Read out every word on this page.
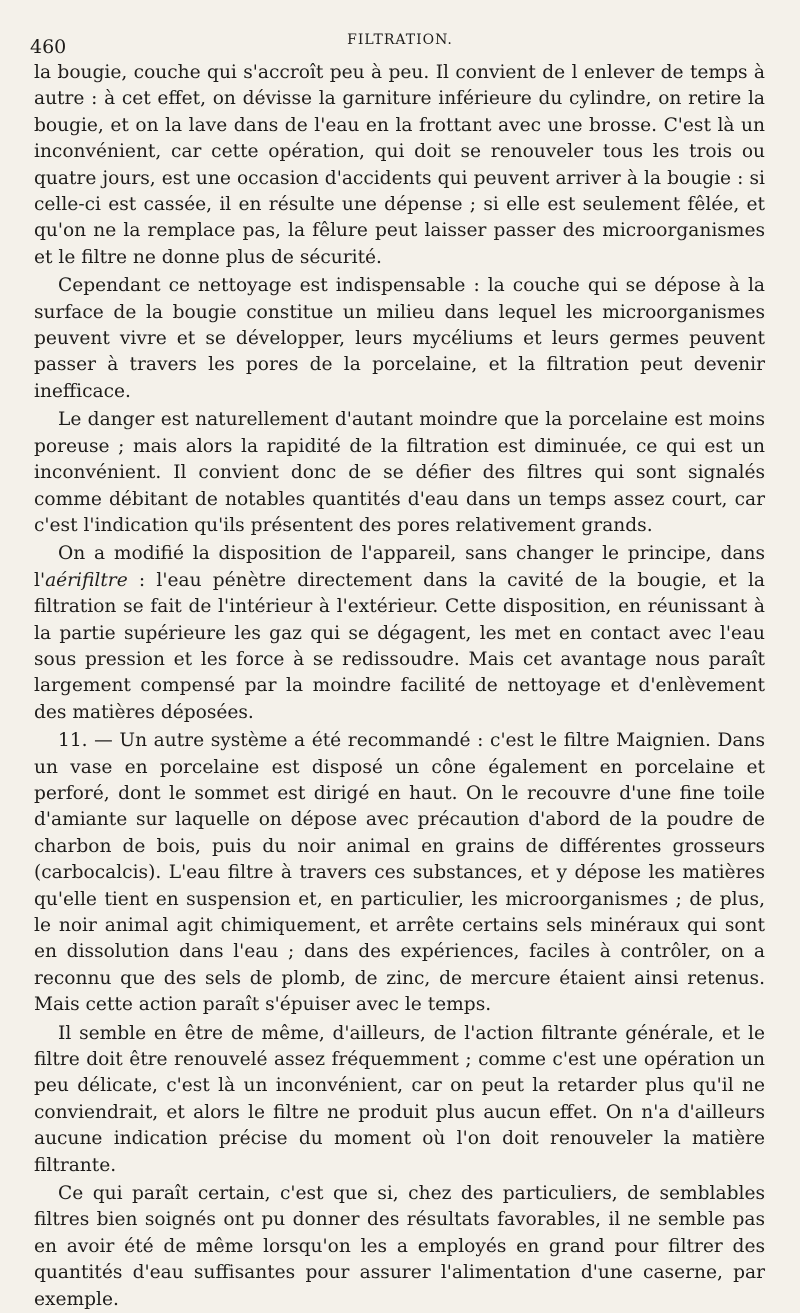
460	FILTRATION.

la bougie, couche qui s'accroît peu à peu. Il convient de l enlever de temps à autre : à cet effet, on dévisse la garniture inférieure du cylindre, on retire la bougie, et on la lave dans de l'eau en la frottant avec une brosse. C'est là un inconvénient, car cette opération, qui doit se renouveler tous les trois ou quatre jours, est une occasion d'accidents qui peuvent arriver à la bougie : si celle-ci est cassée, il en résulte une dépense ; si elle est seulement fêlée, et qu'on ne la remplace pas, la fêlure peut laisser passer des microorganismes et le filtre ne donne plus de sécurité.

Cependant ce nettoyage est indispensable : la couche qui se dépose à la surface de la bougie constitue un milieu dans lequel les microorganismes peuvent vivre et se développer, leurs mycéliums et leurs germes peuvent passer à travers les pores de la porcelaine, et la filtration peut devenir inefficace.

Le danger est naturellement d'autant moindre que la porcelaine est moins poreuse ; mais alors la rapidité de la filtration est diminuée, ce qui est un inconvénient. Il convient donc de se défier des filtres qui sont signalés comme débitant de notables quantités d'eau dans un temps assez court, car c'est l'indication qu'ils présentent des pores relativement grands.

On a modifié la disposition de l'appareil, sans changer le principe, dans l'aérifiltre : l'eau pénètre directement dans la cavité de la bougie, et la filtration se fait de l'intérieur à l'extérieur. Cette disposition, en réunissant à la partie supérieure les gaz qui se dégagent, les met en contact avec l'eau sous pression et les force à se redissoudre. Mais cet avantage nous paraît largement compensé par la moindre facilité de nettoyage et d'enlèvement des matières déposées.

11. — Un autre système a été recommandé : c'est le filtre Maignien. Dans un vase en porcelaine est disposé un cône également en porcelaine et perforé, dont le sommet est dirigé en haut. On le recouvre d'une fine toile d'amiante sur laquelle on dépose avec précaution d'abord de la poudre de charbon de bois, puis du noir animal en grains de différentes grosseurs (carbocalcis). L'eau filtre à travers ces substances, et y dépose les matières qu'elle tient en suspension et, en particulier, les microorganismes ; de plus, le noir animal agit chimiquement, et arrête certains sels minéraux qui sont en dissolution dans l'eau ; dans des expériences, faciles à contrôler, on a reconnu que des sels de plomb, de zinc, de mercure étaient ainsi retenus. Mais cette action paraît s'épuiser avec le temps.

Il semble en être de même, d'ailleurs, de l'action filtrante générale, et le filtre doit être renouvelé assez fréquemment ; comme c'est une opération un peu délicate, c'est là un inconvénient, car on peut la retarder plus qu'il ne conviendrait, et alors le filtre ne produit plus aucun effet. On n'a d'ailleurs aucune indication précise du moment où l'on doit renouveler la matière filtrante.

Ce qui paraît certain, c'est que si, chez des particuliers, de semblables filtres bien soignés ont pu donner des résultats favorables, il ne semble pas en avoir été de même lorsqu'on les a employés en grand pour filtrer des quantités d'eau suffisantes pour assurer l'alimentation d'une caserne, par exemple.
